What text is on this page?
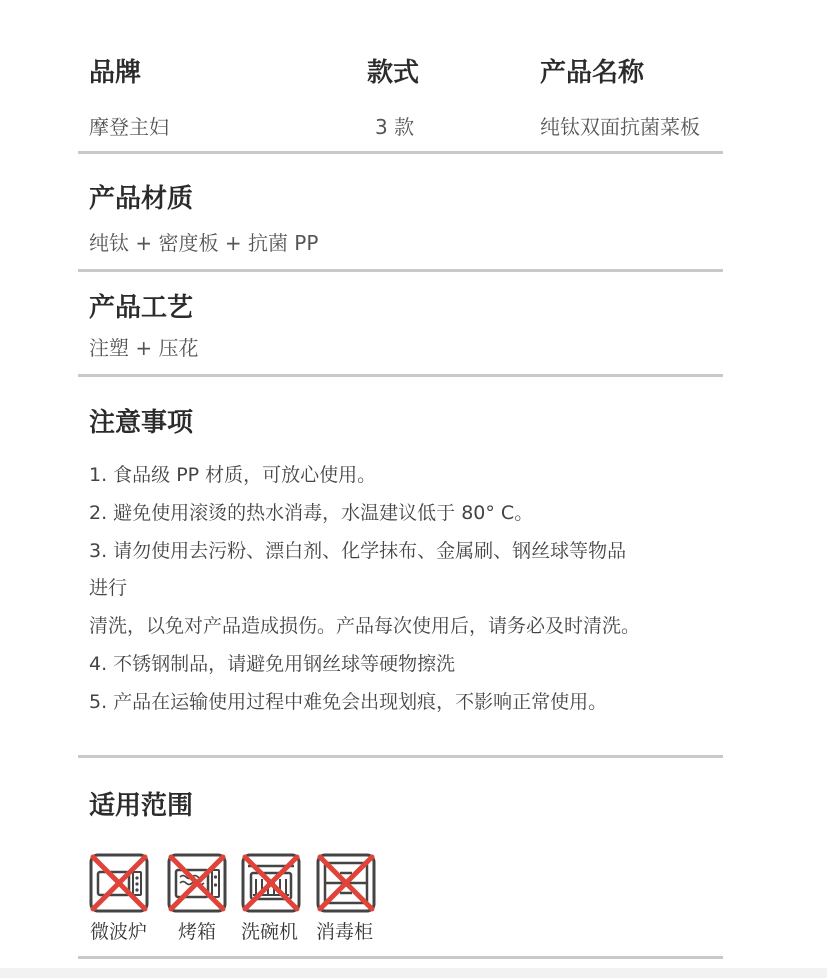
品牌	款式	产品名称
摩登主妇	3 款	纯钛双面抗菌菜板
产品材质
纯钛 + 密度板 + 抗菌 PP
产品工艺
注塑 + 压花
注意事项
1. 食品级 PP 材质，可放心使用。
2. 避免使用滚烫的热水消毒，水温建议低于 80° C。
3. 请勿使用去污粉、漂白剂、化学抹布、金属刷、钢丝球等物品
进行
清洗，以免对产品造成损伤。产品每次使用后，请务必及时清洗。
4. 不锈钢制品，请避免用钢丝球等硬物擦洗
5. 产品在运输使用过程中难免会出现划痕，不影响正常使用。
适用范围
微波炉 烤箱 洗碗机 消毒柜
